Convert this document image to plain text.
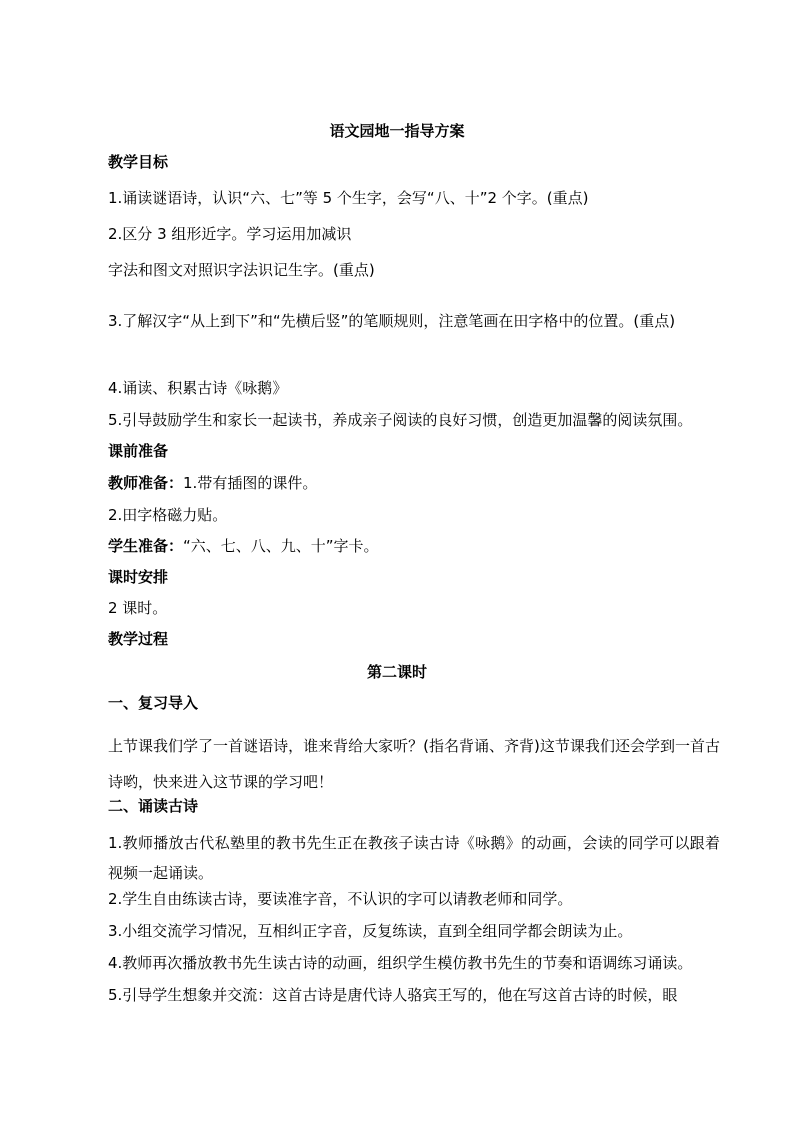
语文园地一指导方案
教学目标
1.诵读谜语诗，认识“六、七”等 5 个生字，会写“八、十”2 个字。(重点)
2.区分 3 组形近字。学习运用加减识
字法和图文对照识字法识记生字。(重点)
3.了解汉字“从上到下”和“先横后竖”的笔顺规则，注意笔画在田字格中的位置。(重点)
4.诵读、积累古诗《咏鹅》
5.引导鼓励学生和家长一起读书，养成亲子阅读的良好习惯，创造更加温馨的阅读氛围。
课前准备
教师准备：1.带有插图的课件。
2.田字格磁力贴。
学生准备：“六、七、八、九、十”字卡。
课时安排
2 课时。
教学过程
第二课时
一、复习导入
上节课我们学了一首谜语诗，谁来背给大家听？(指名背诵、齐背)这节课我们还会学到一首古诗哟，快来进入这节课的学习吧！
二、诵读古诗
1.教师播放古代私塾里的教书先生正在教孩子读古诗《咏鹅》的动画，会读的同学可以跟着视频一起诵读。
2.学生自由练读古诗，要读准字音，不认识的字可以请教老师和同学。
3.小组交流学习情况，互相纠正字音，反复练读，直到全组同学都会朗读为止。
4.教师再次播放教书先生读古诗的动画，组织学生模仿教书先生的节奏和语调练习诵读。
5.引导学生想象并交流：这首古诗是唐代诗人骆宾王写的，他在写这首古诗的时候，眼
